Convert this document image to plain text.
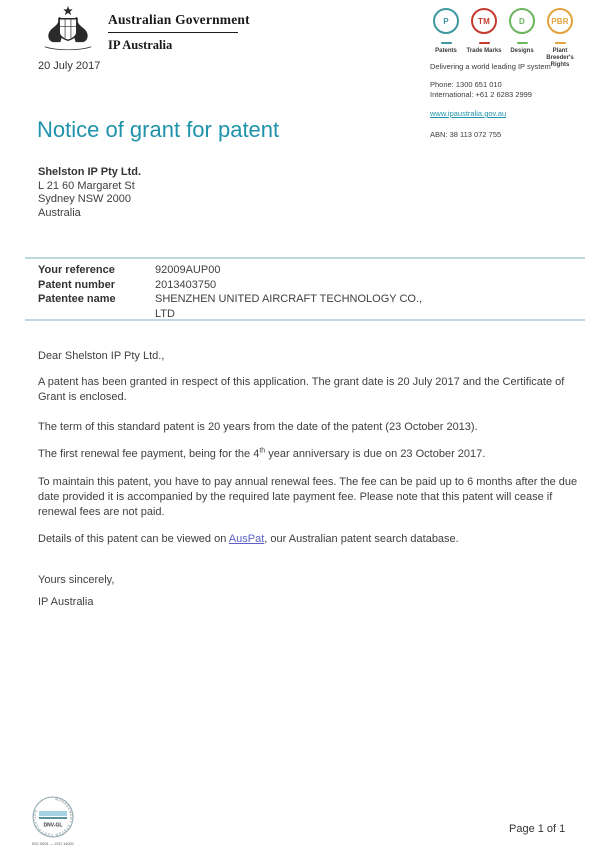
Australian Government
IP Australia
20 July 2017
P
Patents
TM
Trade Marks
D
Designs
PBR
Plant Breeder's Rights
Delivering a world leading IP system
Phone: 1300 651 010
International: +61 2 6283 2999
www.ipaustralia.gov.au
ABN: 38 113 072 755
Notice of grant for patent
Shelston IP Pty Ltd.
L 21 60 Margaret St
Sydney NSW 2000
Australia
Your reference	92009AUP00
Patent number	2013403750
Patentee name	SHENZHEN UNITED AIRCRAFT TECHNOLOGY CO., LTD
Dear Shelston IP Pty Ltd.,
A patent has been granted in respect of this application. The grant date is 20 July 2017 and the Certificate of Grant is enclosed.
The term of this standard patent is 20 years from the date of the patent (23 October 2013).
The first renewal fee payment, being for the 4th year anniversary is due on 23 October 2017.
To maintain this patent, you have to pay annual renewal fees. The fee can be paid up to 6 months after the due date provided it is accompanied by the required late payment fee. Please note that this patent will cease if renewal fees are not paid.
Details of this patent can be viewed on AusPat, our Australian patent search database.
Yours sincerely,
IP Australia
MANAGEMENT SYSTEM CERTIFICATION
DNV-GL
ISO 9001 — ISO 14001
Page 1 of 1
